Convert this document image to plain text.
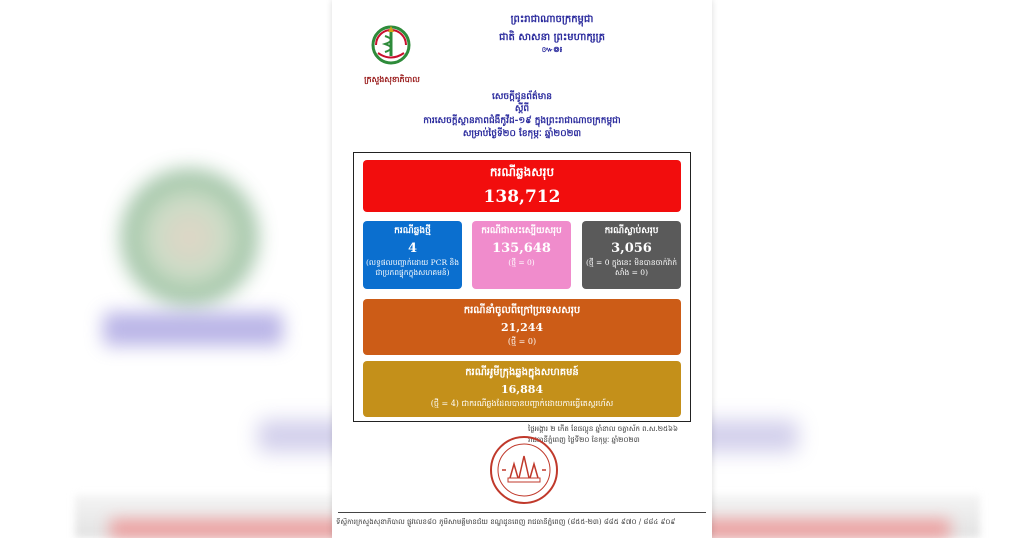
ក្រសួងសុខាភិបាល
ព្រះរាជាណាចក្រកម្ពុជា
ជាតិ សាសនា ព្រះមហាក្សត្រ
៚៙៛
សេចក្តីជូនព័ត៌មាន
ស្តីពី
ការសេចក្តីស្ថានភាពជំងឺកូវីដ-១៩ ក្នុងព្រះរាជាណាចក្រកម្ពុជា
សម្រាប់ថ្ងៃទី២០ ខែកុម្ភៈ ឆ្នាំ២០២៣
ករណីឆ្លងសរុប
138,712
ករណីឆ្លងថ្មី
4
(លទ្ធផលបញ្ជាក់ដោយ PCR និងជាប្រភពផ្ទុកក្នុងសហគមន៍)
ករណីជាសះស្បើយសរុប
135,648
(ថ្មី = 0)
ករណីស្លាប់សរុប
3,056
(ថ្មី = 0 ក្នុងនេះ មិនបានចាក់វ៉ាក់សាំង = 0)
ករណីនាំចូលពីក្រៅប្រទេសសរុប
21,244
(ថ្មី = 0)
ករណីអូមីក្រុងឆ្លងក្នុងសហគមន៍
16,884
(ថ្មី = 4) ជាករណីឆ្លងដែលបានបញ្ជាក់ដោយការធ្វើតេស្តរហ័ស
ថ្ងៃអង្គារ ២ កើត ខែផល្គុន ឆ្នាំខាល ចត្វាស័ក ព.ស.២៥៦៦
រាជធានីភ្នំពេញ ថ្ងៃទី២០ ខែកុម្ភៈ ឆ្នាំ២០២៣
ទីស្តីការក្រសួងសុខាភិបាល ផ្លូវលេខ៨០ ភូមិសាមគ្គីមានជ័យ ខណ្ឌដូនពេញ រាជធានីភ្នំពេញ (៨៥៥-២៣) ៨៨៥ ៩៧០ / ៨៨៤ ៩០៩
